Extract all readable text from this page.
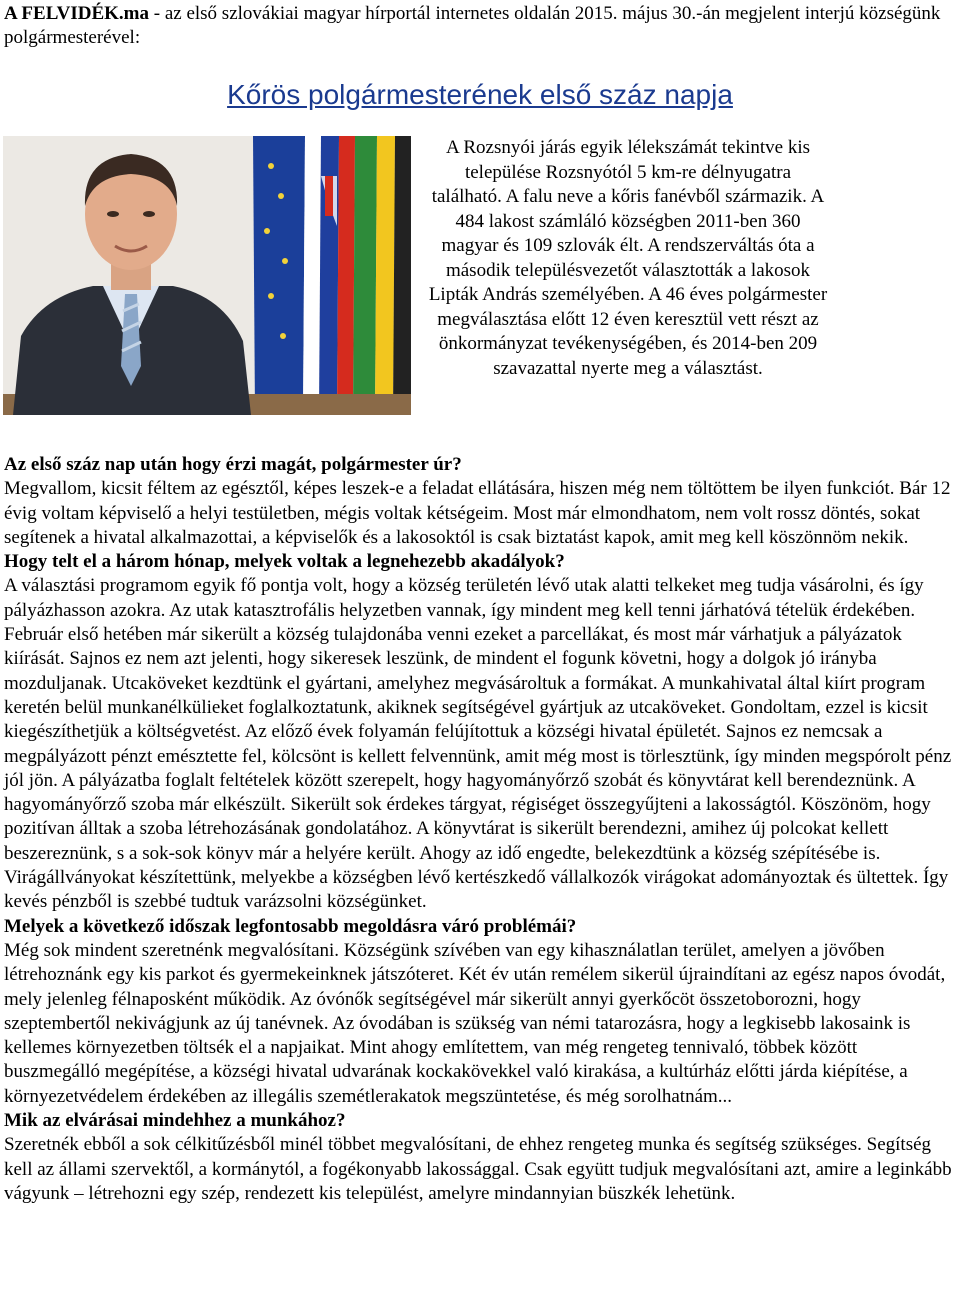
A FELVIDÉK.ma - az első szlovákiai magyar hírportál internetes oldalán 2015. május 30.-án megjelent interjú községünk polgármesterével:

Kőrös polgármesterének első száz napja

A Rozsnyói járás egyik lélekszámát tekintve kis települése Rozsnyótól 5 km-re délnyugatra található. A falu neve a kőris fanévből származik. A 484 lakost számláló községben 2011-ben 360 magyar és 109 szlovák élt. A rendszerváltás óta a második településvezetőt választották a lakosok Lipták András személyében. A 46 éves polgármester megválasztása előtt 12 éven keresztül vett részt az önkormányzat tevékenységében, és 2014-ben 209 szavazattal nyerte meg a választást.

Az első száz nap után hogy érzi magát, polgármester úr?

Megvallom, kicsit féltem az egésztől, képes leszek-e a feladat ellátására, hiszen még nem töltöttem be ilyen funkciót. Bár 12 évig voltam képviselő a helyi testületben, mégis voltak kétségeim. Most már elmondhatom, nem volt rossz döntés, sokat segítenek a hivatal alkalmazottai, a képviselők és a lakosoktól is csak biztatást kapok, amit meg kell köszönnöm nekik.

Hogy telt el a három hónap, melyek voltak a legnehezebb akadályok?

A választási programom egyik fő pontja volt, hogy a község területén lévő utak alatti telkeket meg tudja vásárolni, és így pályázhasson azokra. Az utak katasztrofális helyzetben vannak, így mindent meg kell tenni járhatóvá tételük érdekében. Február első hetében már sikerült a község tulajdonába venni ezeket a parcellákat, és most már várhatjuk a pályázatok kiírását. Sajnos ez nem azt jelenti, hogy sikeresek leszünk, de mindent el fogunk követni, hogy a dolgok jó irányba mozduljanak. Utcaköveket kezdtünk el gyártani, amelyhez megvásároltuk a formákat. A munkahivatal által kiírt program keretén belül munkanélkülieket foglalkoztatunk, akiknek segítségével gyártjuk az utcaköveket. Gondoltam, ezzel is kicsit kiegészíthetjük a költségvetést. Az előző évek folyamán felújítottuk a községi hivatal épületét. Sajnos ez nemcsak a megpályázott pénzt emésztette fel, kölcsönt is kellett felvennünk, amit még most is törlesztünk, így minden megspórolt pénz jól jön. A pályázatba foglalt feltételek között szerepelt, hogy hagyományőrző szobát és könyvtárat kell berendeznünk. A hagyományőrző szoba már elkészült. Sikerült sok érdekes tárgyat, régiséget összegyűjteni a lakosságtól. Köszönöm, hogy pozitívan álltak a szoba létrehozásának gondolatához. A könyvtárat is sikerült berendezni, amihez új polcokat kellett beszereznünk, s a sok-sok könyv már a helyére került. Ahogy az idő engedte, belekezdtünk a község szépítésébe is. Virágállványokat készítettünk, melyekbe a községben lévő kertészkedő vállalkozók virágokat adományoztak és ültettek. Így kevés pénzből is szebbé tudtuk varázsolni községünket.

Melyek a következő időszak legfontosabb megoldásra váró problémái?

Még sok mindent szeretnénk megvalósítani. Községünk szívében van egy kihasználatlan terület, amelyen a jövőben létrehoznánk egy kis parkot és gyermekeinknek játszóteret. Két év után remélem sikerül újraindítani az egész napos óvodát, mely jelenleg félnaposként működik. Az óvónők segítségével már sikerült annyi gyerkőcöt összetoborozni, hogy szeptembertől nekivágjunk az új tanévnek. Az óvodában is szükség van némi tatarozásra, hogy a legkisebb lakosaink is kellemes környezetben töltsék el a napjaikat. Mint ahogy említettem, van még rengeteg tennivaló, többek között buszmegálló megépítése, a községi hivatal udvarának kockakövekkel való kirakása, a kultúrház előtti járda kiépítése, a környezetvédelem érdekében az illegális szemétlerakatok megszüntetése, és még sorolhatnám...

Mik az elvárásai mindehhez a munkához?

Szeretnék ebből a sok célkitűzésből minél többet megvalósítani, de ehhez rengeteg munka és segítség szükséges. Segítség kell az állami szervektől, a kormánytól, a fogékonyabb lakossággal. Csak együtt tudjuk megvalósítani azt, amire a leginkább vágyunk – létrehozni egy szép, rendezett kis települést, amelyre mindannyian büszkék lehetünk.
